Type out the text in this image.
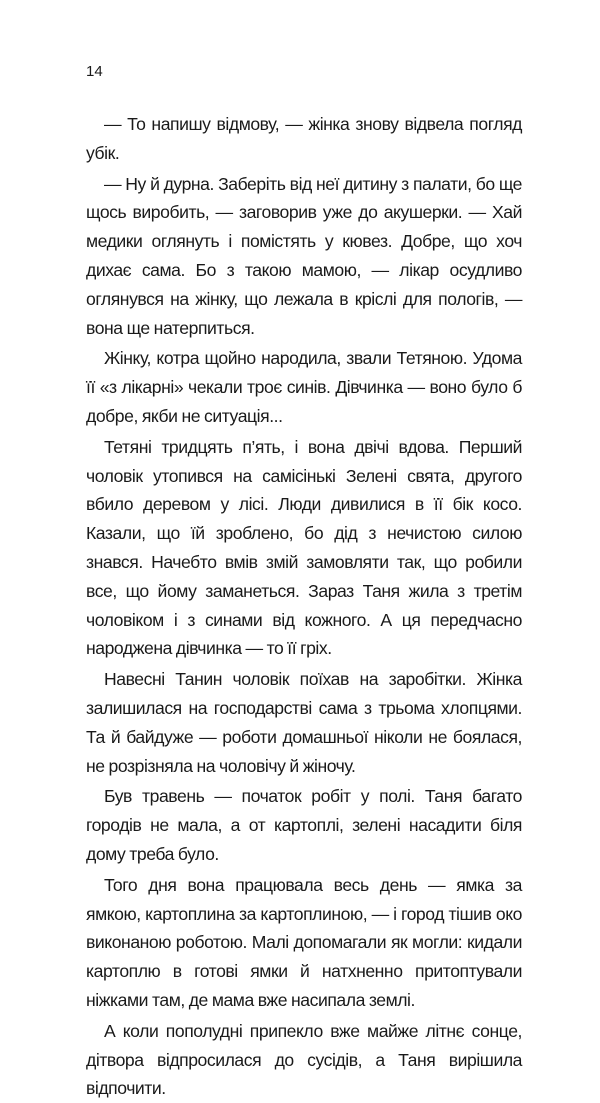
14

— То напишу відмову, — жінка знову відвела погляд убік.

— Ну й дурна. Заберіть від неї дитину з палати, бо ще щось виробить, — заговорив уже до акушерки. — Хай медики оглянуть і помістять у кювез. Добре, що хоч дихає сама. Бо з такою мамою, — лікар осудливо оглянувся на жінку, що лежала в кріслі для пологів, — вона ще натерпиться.

Жінку, котра щойно народила, звали Тетяною. Удома її «з лікарні» чекали троє синів. Дівчинка — воно було б добре, якби не ситуація...

Тетяні тридцять п’ять, і вона двічі вдова. Перший чоловік утопився на самісінькі Зелені свята, другого вбило деревом у лісі. Люди дивилися в її бік косо. Казали, що їй зроблено, бо дід з нечистою силою знався. Начебто вмів змій замовляти так, що робили все, що йому заманеться. Зараз Таня жила з третім чоловіком і з синами від кожного. А ця передчасно народжена дівчинка — то її гріх.

Навесні Танин чоловік поїхав на заробітки. Жінка залишилася на господарстві сама з трьома хлопцями. Та й байдуже — роботи домашньої ніколи не боялася, не розрізняла на чоловічу й жіночу.

Був травень — початок робіт у полі. Таня багато городів не мала, а от картоплі, зелені насадити біля дому треба було.

Того дня вона працювала весь день — ямка за ямкою, картоплина за картоплиною, — і город тішив око виконаною роботою. Малі допомагали як могли: кидали картоплю в готові ямки й натхненно притоптували ніжками там, де мама вже насипала землі.

А коли пополудні припекло вже майже літнє сонце, дітвора відпросилася до сусідів, а Таня вирішила відпочити.
